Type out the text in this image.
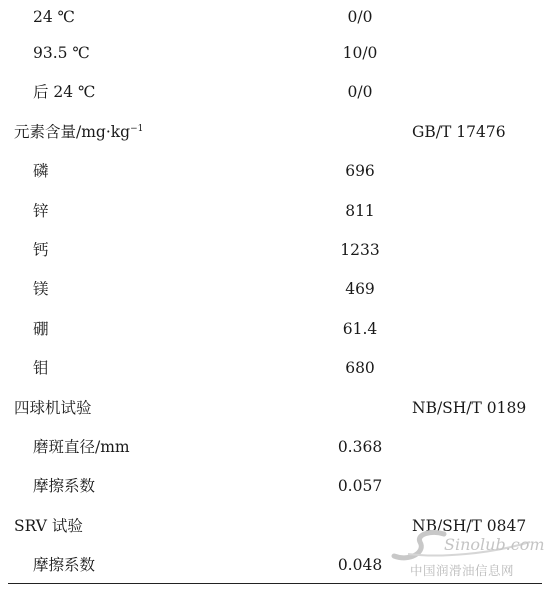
24 ℃	0/0
93.5 ℃	10/0
后 24 ℃	0/0
元素含量$/mg\cdot kg^{-1}$	GB/T 17476
磷	696
锌	811
钙	1233
镁	469
硼	61.4
钼	680
四球机试验	NB/SH/T 0189
磨斑直径/mm	0.368
摩擦系数	0.057
SRV 试验	NB/SH/T 0847
摩擦系数	0.048
Sinolub.com
中国润滑油信息网
